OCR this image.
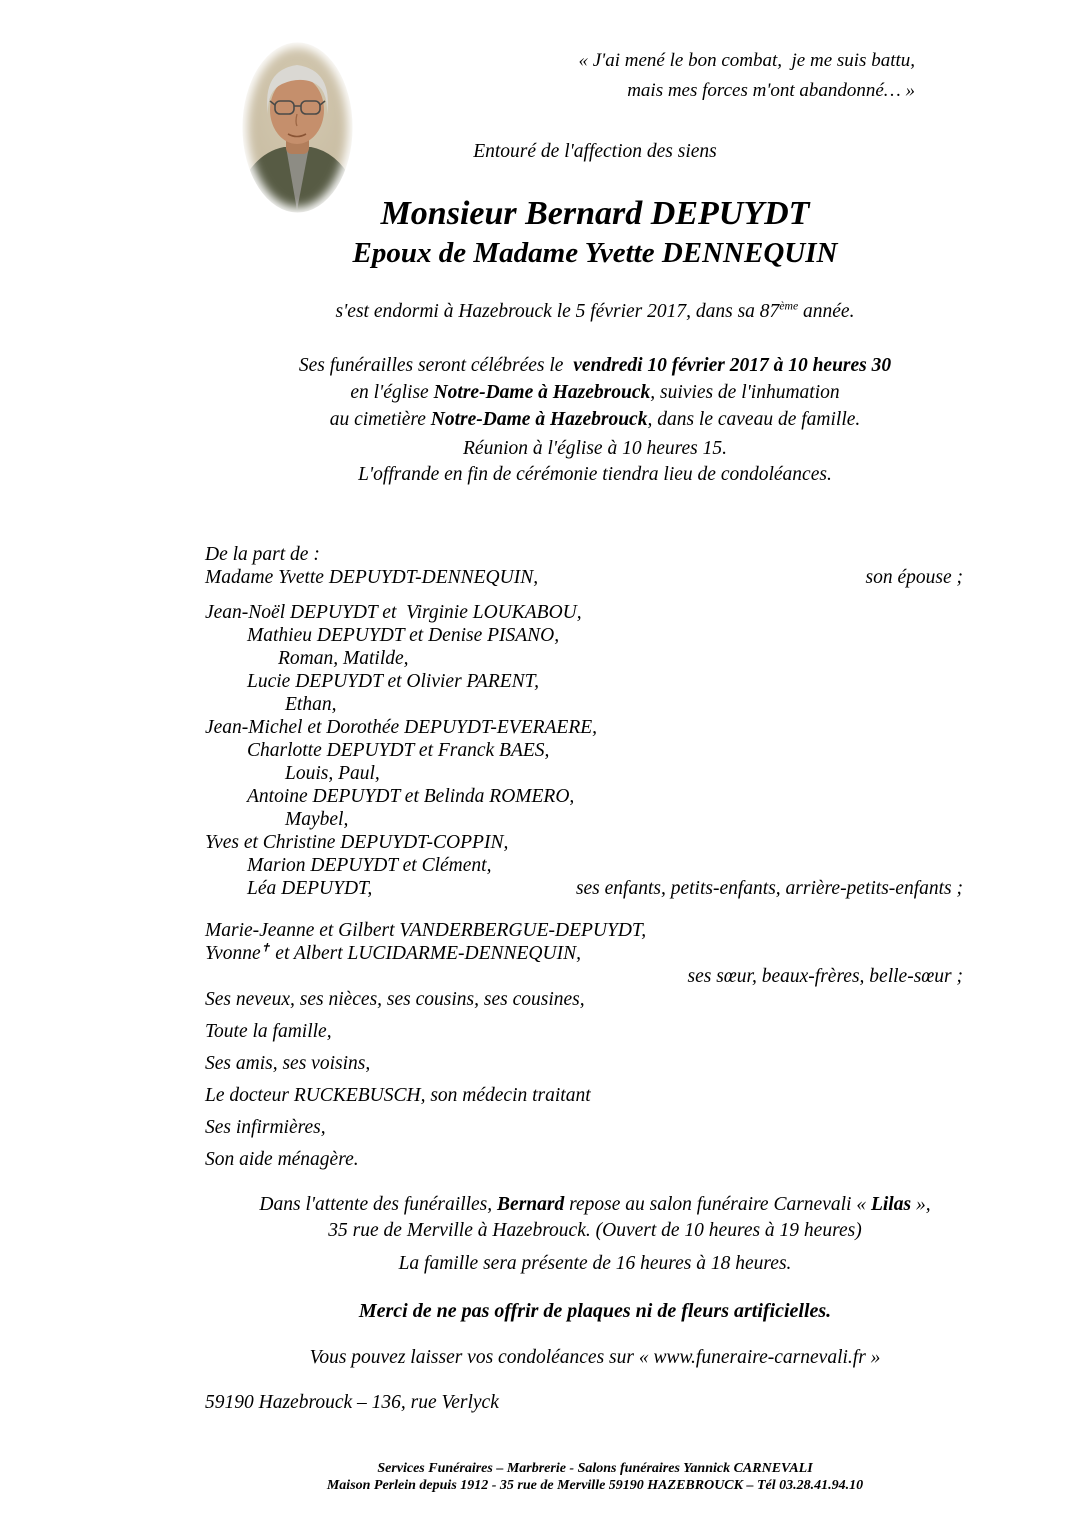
« J'ai mené le bon combat,  je me suis battu,
mais mes forces m'ont abandonné… »
Entouré de l'affection des siens
Monsieur Bernard DEPUYDT
Epoux de Madame Yvette DENNEQUIN
s'est endormi à Hazebrouck le 5 février 2017, dans sa 87ème année.
Ses funérailles seront célébrées le  vendredi 10 février 2017 à 10 heures 30
en l'église Notre-Dame à Hazebrouck, suivies de l'inhumation
au cimetière Notre-Dame à Hazebrouck, dans le caveau de famille.
Réunion à l'église à 10 heures 15.
L'offrande en fin de cérémonie tiendra lieu de condoléances.
De la part de :
Madame Yvette DEPUYDT-DENNEQUIN,	son épouse ;
Jean-Noël DEPUYDT et  Virginie LOUKABOU,
Mathieu DEPUYDT et Denise PISANO,
Roman, Matilde,
Lucie DEPUYDT et Olivier PARENT,
Ethan,
Jean-Michel et Dorothée DEPUYDT-EVERAERE,
Charlotte DEPUYDT et Franck BAES,
Louis, Paul,
Antoine DEPUYDT et Belinda ROMERO,
Maybel,
Yves et Christine DEPUYDT-COPPIN,
Marion DEPUYDT et Clément,
Léa DEPUYDT,	ses enfants, petits-enfants, arrière-petits-enfants ;
Marie-Jeanne et Gilbert VANDERBERGUE-DEPUYDT,
Yvonne✝ et Albert LUCIDARME-DENNEQUIN,
ses sœur, beaux-frères, belle-sœur ;
Ses neveux, ses nièces, ses cousins, ses cousines,
Toute la famille,
Ses amis, ses voisins,
Le docteur RUCKEBUSCH, son médecin traitant
Ses infirmières,
Son aide ménagère.
Dans l'attente des funérailles, Bernard repose au salon funéraire Carnevali « Lilas »,
35 rue de Merville à Hazebrouck. (Ouvert de 10 heures à 19 heures)
La famille sera présente de 16 heures à 18 heures.
Merci de ne pas offrir de plaques ni de fleurs artificielles.
Vous pouvez laisser vos condoléances sur « www.funeraire-carnevali.fr »
59190 Hazebrouck – 136, rue Verlyck
Services Funéraires – Marbrerie - Salons funéraires Yannick CARNEVALI
Maison Perlein depuis 1912 - 35 rue de Merville 59190 HAZEBROUCK – Tél 03.28.41.94.10
